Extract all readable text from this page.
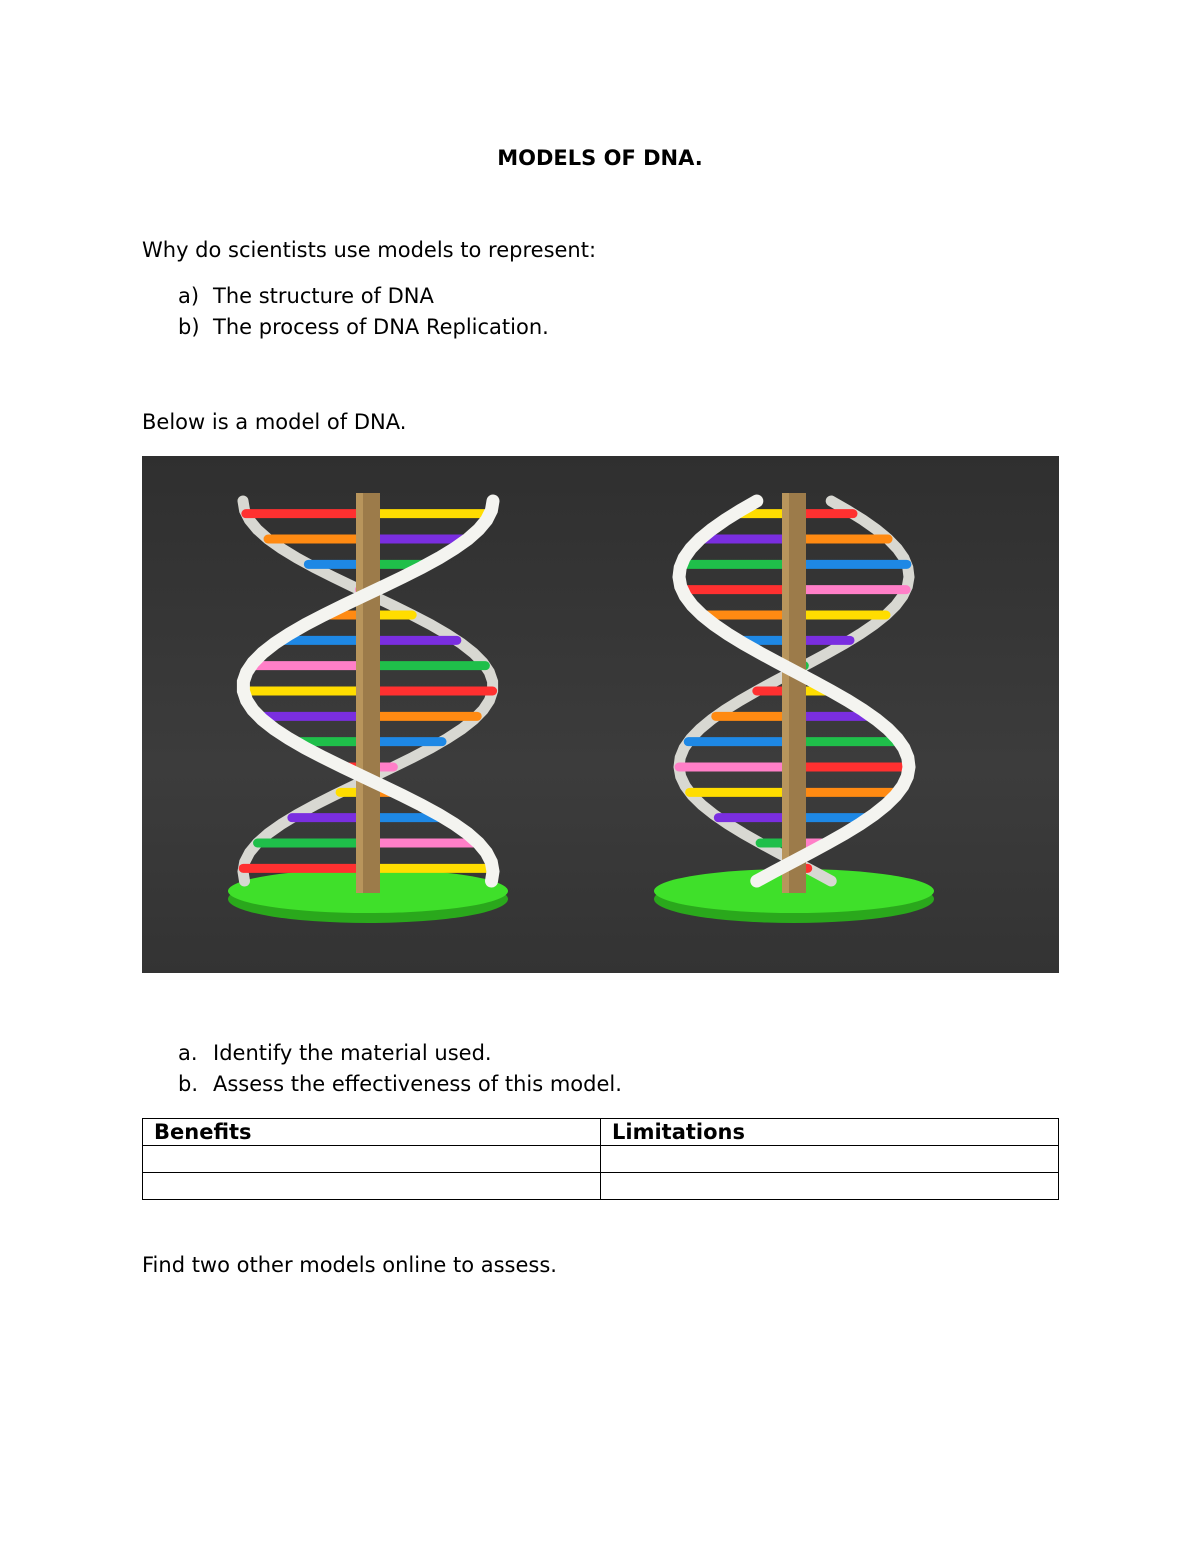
MODELS OF DNA.
Why do scientists use models to represent:
a) The structure of DNA
b) The process of DNA Replication.
Below is a model of DNA.
a. Identify the material used.
b. Assess the effectiveness of this model.
Benefits	Limitations

Find two other models online to assess.
